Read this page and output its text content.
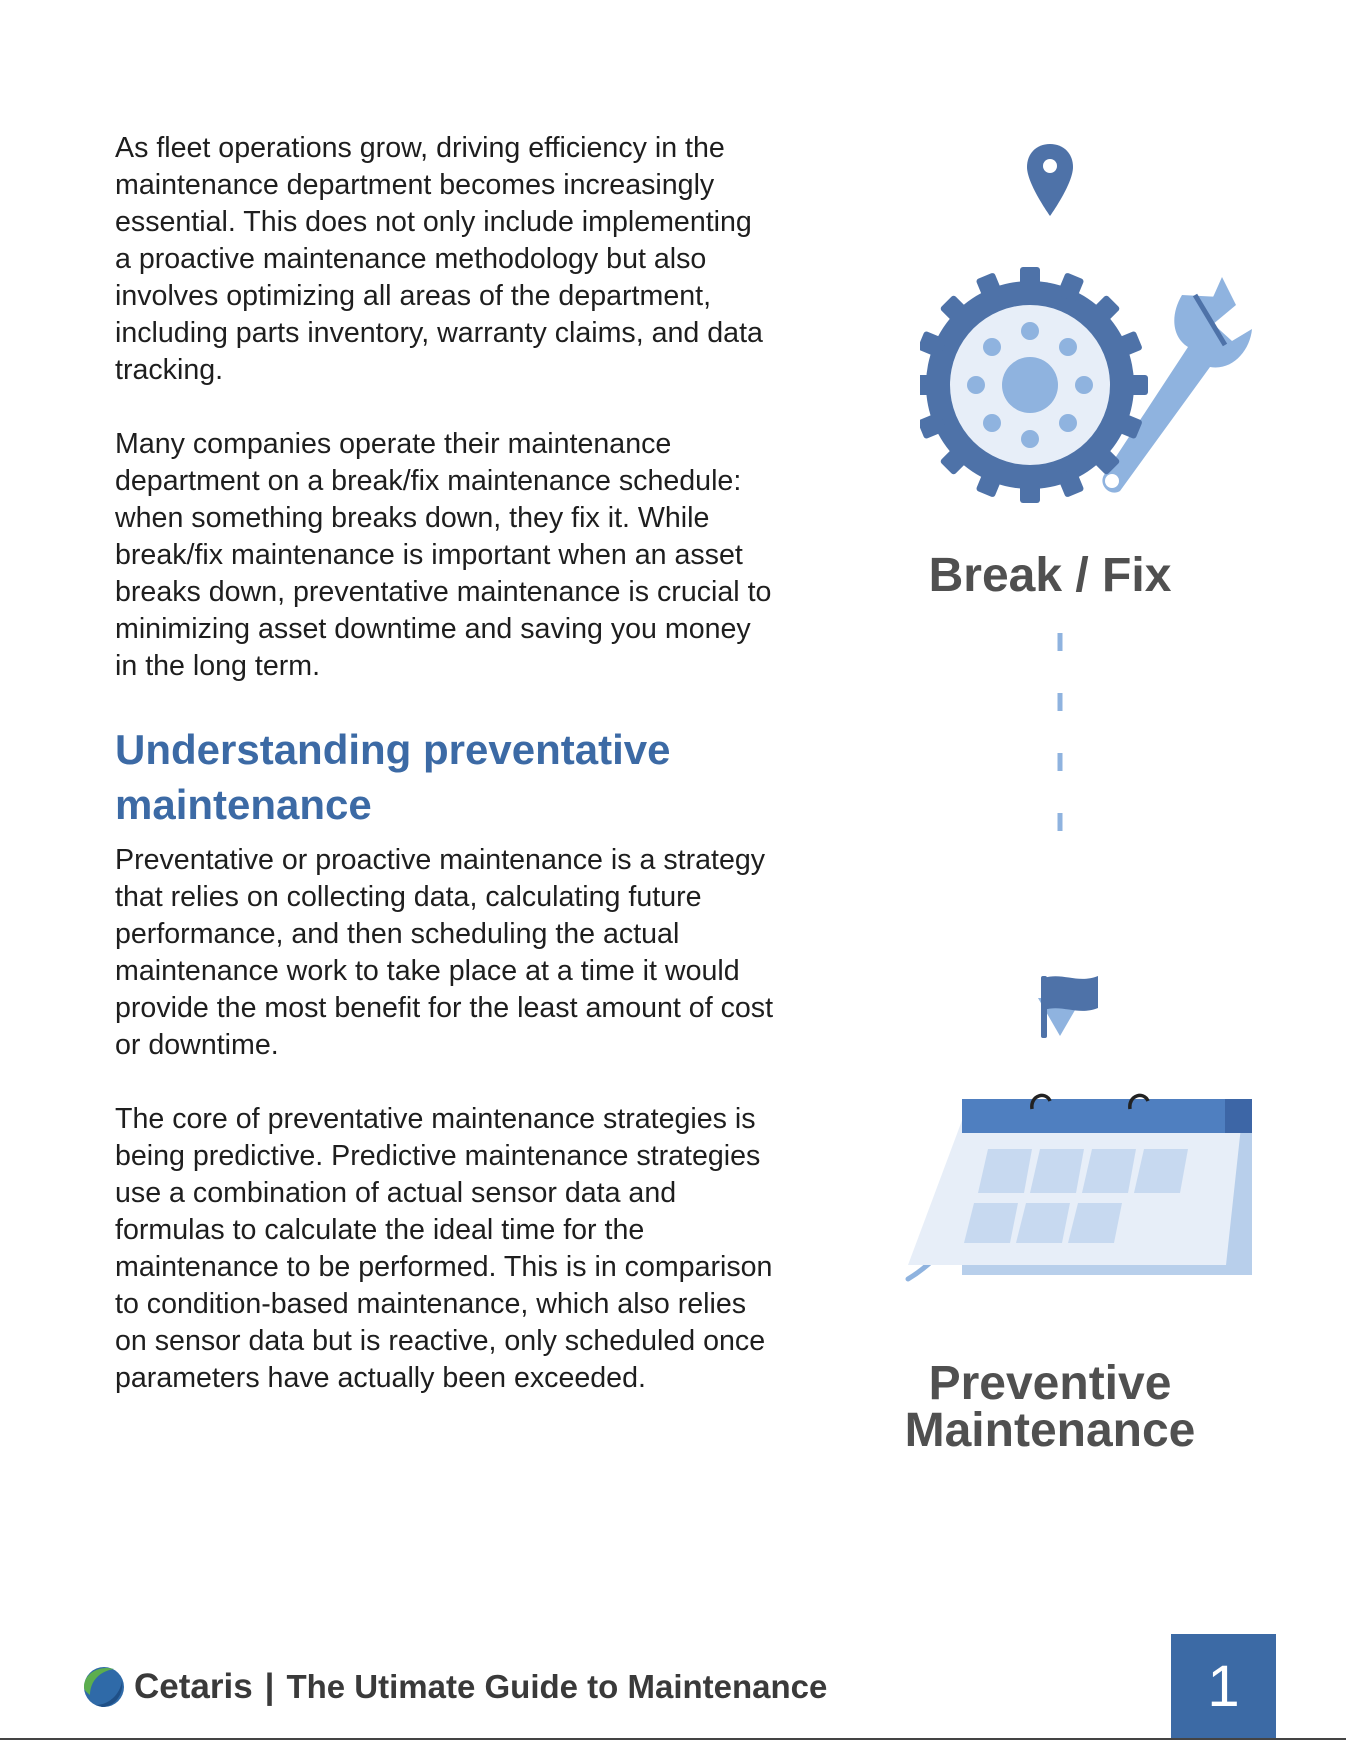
As fleet operations grow, driving efficiency in the maintenance department becomes increasingly essential. This does not only include implementing a proactive maintenance methodology but also involves optimizing all areas of the department, including parts inventory, warranty claims, and data tracking.

Many companies operate their maintenance department on a break/fix maintenance schedule: when something breaks down, they fix it. While break/fix maintenance is important when an asset breaks down, preventative maintenance is crucial to minimizing asset downtime and saving you money in the long term.

Understanding preventative maintenance

Preventative or proactive maintenance is a strategy that relies on collecting data, calculating future performance, and then scheduling the actual maintenance work to take place at a time it would provide the most benefit for the least amount of cost or downtime.

The core of preventative maintenance strategies is being predictive. Predictive maintenance strategies use a combination of actual sensor data and formulas to calculate the ideal time for the maintenance to be performed. This is in comparison to condition-based maintenance, which also relies on sensor data but is reactive, only scheduled once parameters have actually been exceeded.

Break / Fix
Preventive
Maintenance
Cetaris | The Utimate Guide to Maintenance	1
